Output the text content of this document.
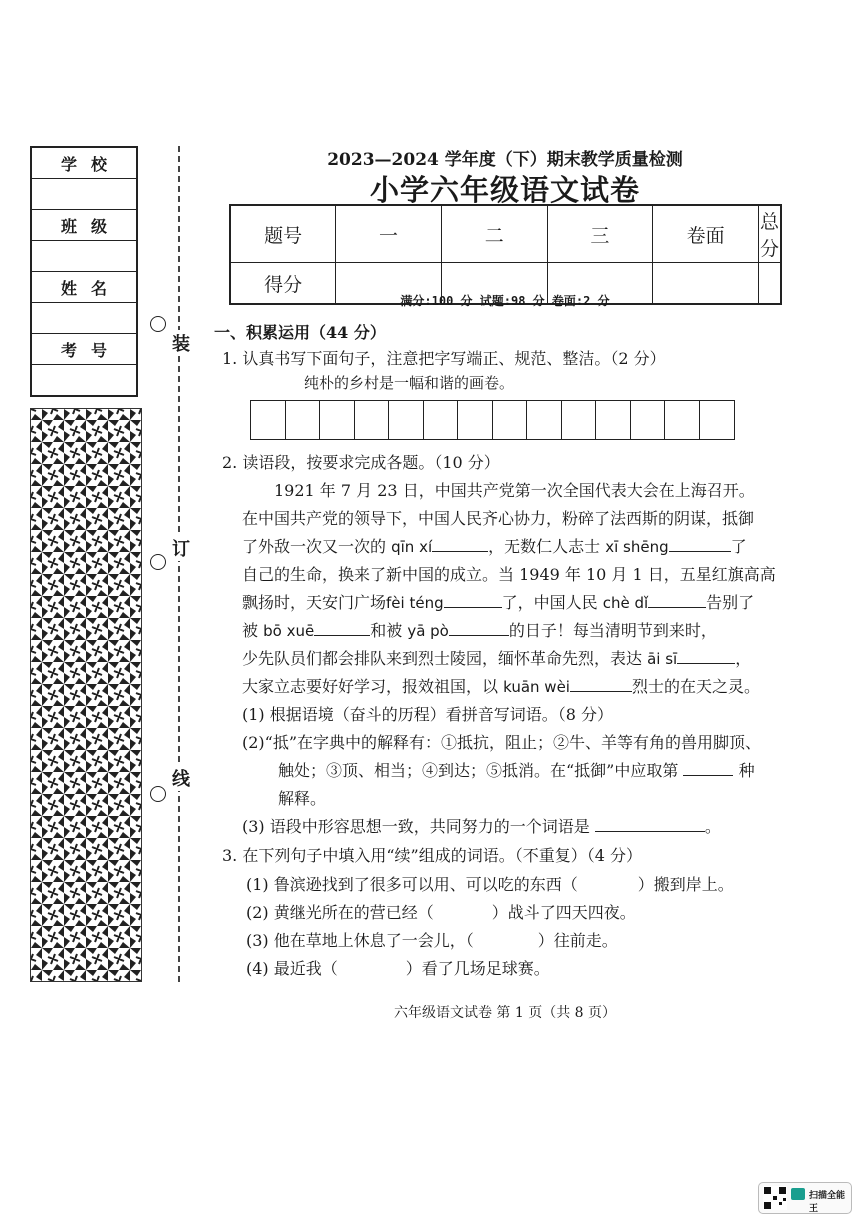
学校

班级

姓名

考号	装
订
线
2023—2024 学年度（下）期末教学质量检测
小学六年级语文试卷
题号	一	二	三	卷面	总分
得分					
满分:100 分 试题:98 分 卷面:2 分
一、积累运用（44 分）
1. 认真书写下面句子，注意把字写端正、规范、整洁。（2 分）
纯朴的乡村是一幅和谐的画卷。
2. 读语段，按要求完成各题。（10 分）
1921 年 7 月 23 日，中国共产党第一次全国代表大会在上海召开。
在中国共产党的领导下，中国人民齐心协力，粉碎了法西斯的阴谋，抵御
了外敌一次又一次的 qīn xí	，无数仁人志士 xī shēng	了
自己的生命，换来了新中国的成立。当 1949 年 10 月 1 日，五星红旗高高
飘扬时，天安门广场fèi téng	了，中国人民 chè dǐ	告别了
被 bō xuē	和被 yā pò	的日子！每当清明节到来时，
少先队员们都会排队来到烈士陵园，缅怀革命先烈，表达 āi sī	，
大家立志要好好学习，报效祖国，以 kuān wèi	烈士的在天之灵。
(1) 根据语境（奋斗的历程）看拼音写词语。（8 分）
(2)“抵”在字典中的解释有：①抵抗，阻止；②牛、羊等有角的兽用脚顶、
触处；③顶、相当；④到达；⑤抵消。在“抵御”中应取第	种
解释。
(3) 语段中形容思想一致，共同努力的一个词语是	。
3. 在下列句子中填入用“续”组成的词语。（不重复）（4 分）
(1) 鲁滨逊找到了很多可以用、可以吃的东西（	）搬到岸上。
(2) 黄继光所在的营已经（	）战斗了四天四夜。
(3) 他在草地上休息了一会儿，（	）往前走。
(4) 最近我（	）看了几场足球赛。
六年级语文试卷 第 1 页（共 8 页）
扫描全能王
